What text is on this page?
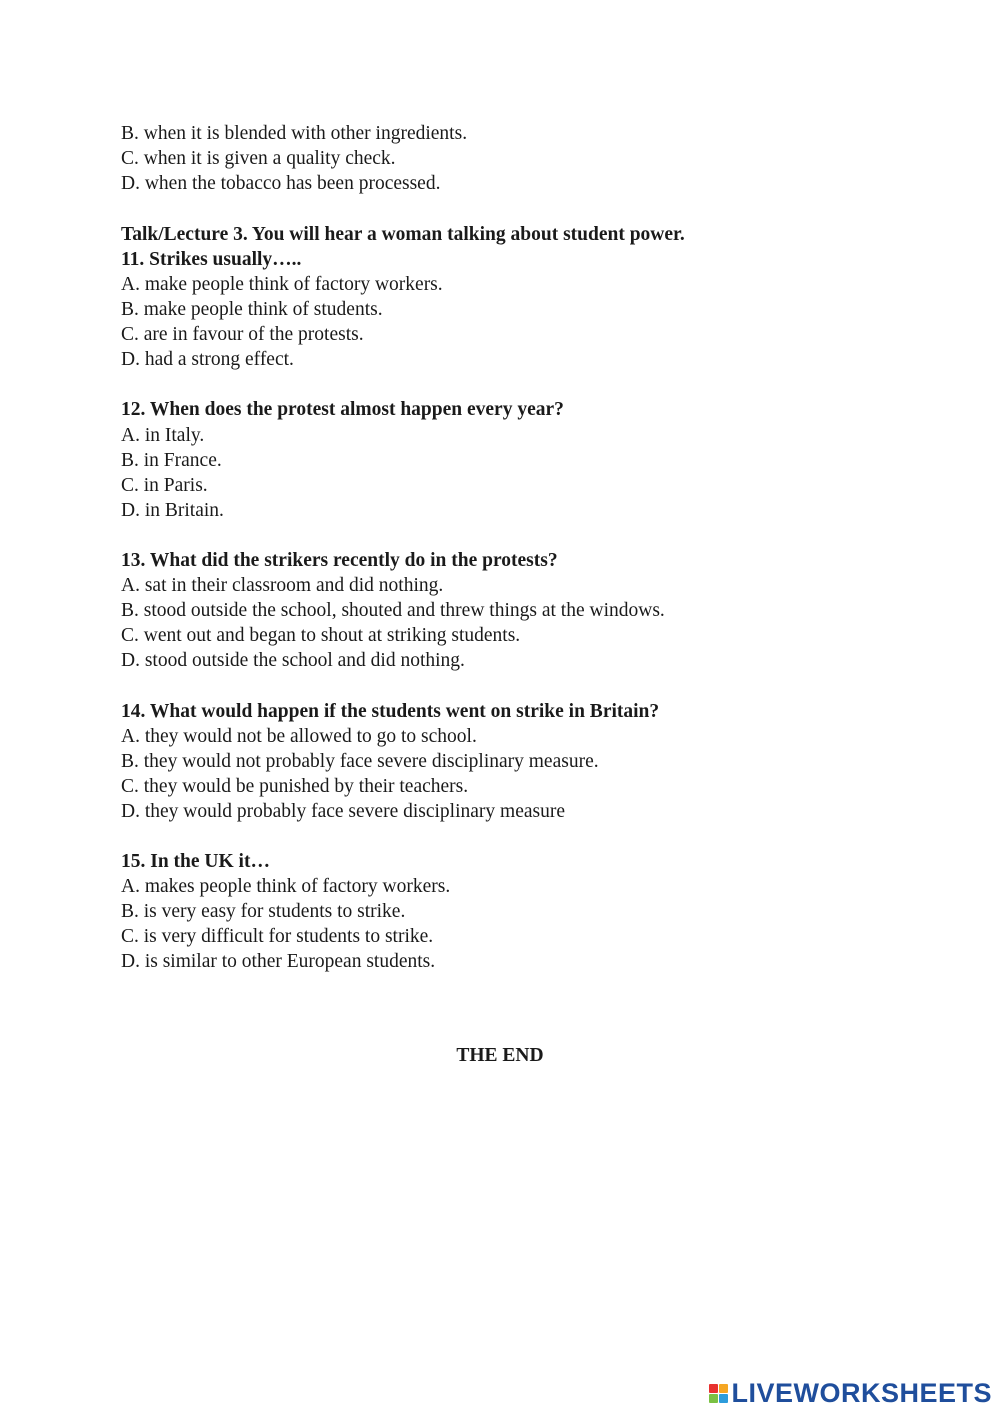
B. when it is blended with other ingredients.
C. when it is given a quality check.
D. when the tobacco has been processed.
Talk/Lecture 3. You will hear a woman talking about student power.
11. Strikes usually…..
A. make people think of factory workers.
B. make people think of students.
C. are in favour of the protests.
D. had a strong effect.
12. When does the protest almost happen every year?
A. in Italy.
B. in France.
C. in Paris.
D. in Britain.
13. What did the strikers recently do in the protests?
A. sat in their classroom and did nothing.
B. stood outside the school, shouted and threw things at the windows.
C. went out and began to shout at striking students.
D. stood outside the school and did nothing.
14. What would happen if the students went on strike in Britain?
A. they would not be allowed to go to school.
B. they would not probably face severe disciplinary measure.
C. they would be punished by their teachers.
D. they would probably face severe disciplinary measure
15. In the UK it…
A. makes people think of factory workers.
B. is very easy for students to strike.
C. is very difficult for students to strike.
D. is similar to other European students.
THE END
LIVEWORKSHEETS
